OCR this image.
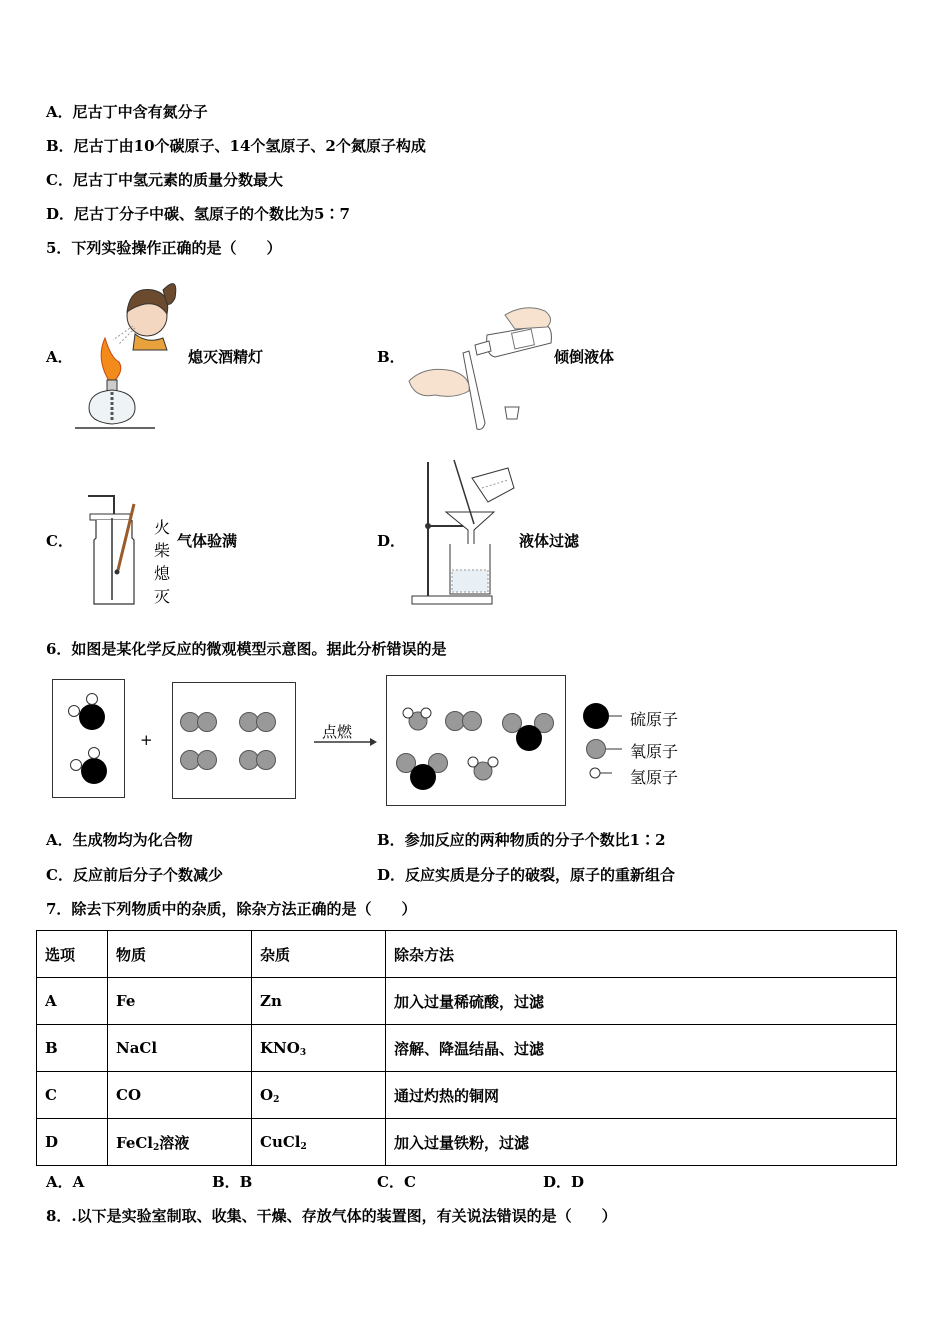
A．尼古丁中含有氮分子
B．尼古丁由10个碳原子、14个氢原子、2个氮原子构成
C．尼古丁中氢元素的质量分数最大
D．尼古丁分子中碳、氢原子的个数比为5∶7
5．下列实验操作正确的是（　　）
A．	熄灭酒精灯	B．	倾倒液体
C．
火
柴
熄
灭
气体验满	D．	液体过滤
6．如图是某化学反应的微观模型示意图。据此分析错误的是
+	点燃
硫原子
氧原子
氢原子
A．生成物均为化合物	B．参加反应的两种物质的分子个数比1∶2
C．反应前后分子个数减少	D．反应实质是分子的破裂，原子的重新组合
7．除去下列物质中的杂质，除杂方法正确的是（　　）
选项	物质	杂质	除杂方法
A	Fe	Zn	加入过量稀硫酸，过滤
B	NaCl	$KNO_3$	溶解、降温结晶、过滤
C	CO	$O_2$	通过灼热的铜网
D	FeCl$_2$溶液	CuCl$_2$	加入过量铁粉，过滤
A．A	B．B	C．C	D．D
8．.以下是实验室制取、收集、干燥、存放气体的装置图，有关说法错误的是（　　）
